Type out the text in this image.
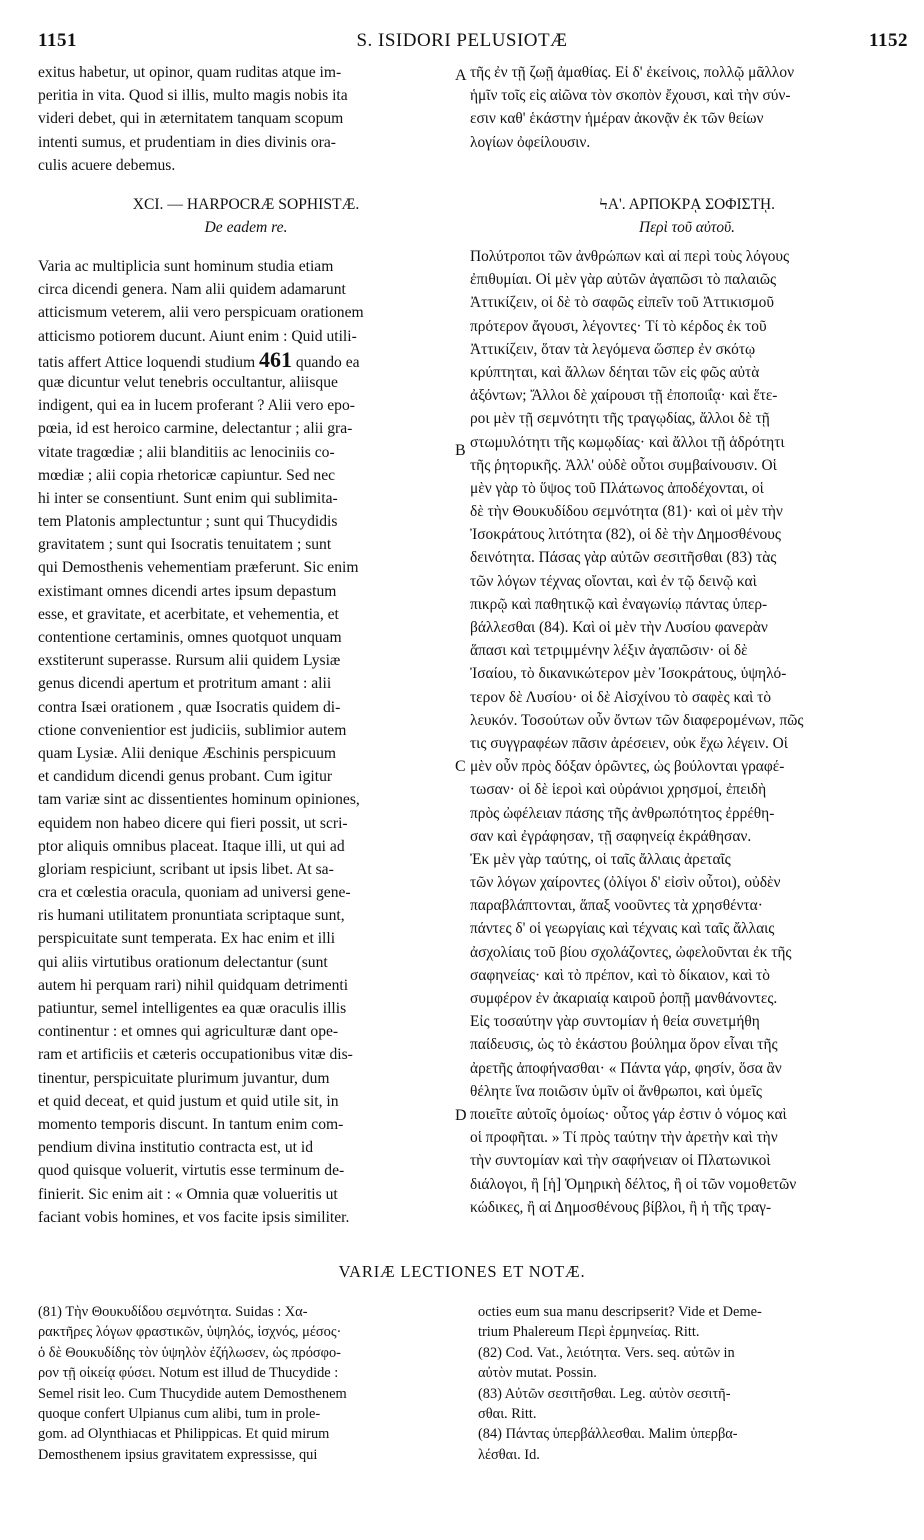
1151	S. ISIDORI PELUSIOTÆ	1152
exitus habetur, ut opinor, quam ruditas atque im-
peritia in vita. Quod si illis, multo magis nobis ita
videri debet, qui in æternitatem tanquam scopum
intenti sumus, et prudentiam in dies divinis ora-
culis acuere debemus.
XCI. — HARPOCRÆ SOPHISTÆ.
De eadem re.
Varia ac multiplicia sunt hominum studia etiam
circa dicendi genera. Nam alii quidem adamarunt
atticismum veterem, alii vero perspicuam orationem
atticismo potiorem ducunt. Aiunt enim : Quid utili-
tatis affert Attice loquendi studium 461 quando ea
quæ dicuntur velut tenebris occultantur, aliisque
indigent, qui ea in lucem proferant ? Alii vero epo-
pœia, id est heroico carmine, delectantur ; alii gra-
vitate tragœdiæ ; alii blanditiis ac lenociniis co-
mœdiæ ; alii copia rhetoricæ capiuntur. Sed nec
hi inter se consentiunt. Sunt enim qui sublimita-
tem Platonis amplectuntur ; sunt qui Thucydidis
gravitatem ; sunt qui Isocratis tenuitatem ; sunt
qui Demosthenis vehementiam præferunt. Sic enim
existimant omnes dicendi artes ipsum depastum
esse, et gravitate, et acerbitate, et vehementia, et
contentione certaminis, omnes quotquot unquam
exstiterunt superasse. Rursum alii quidem Lysiæ
genus dicendi apertum et protritum amant : alii
contra Isæi orationem , quæ Isocratis quidem di-
ctione convenientior est judiciis, sublimior autem
quam Lysiæ. Alii denique Æschinis perspicuum
et candidum dicendi genus probant. Cum igitur
tam variæ sint ac dissentientes hominum opiniones,
equidem non habeo dicere qui fieri possit, ut scri-
ptor aliquis omnibus placeat. Itaque illi, ut qui ad
gloriam respiciunt, scribant ut ipsis libet. At sa-
cra et cœlestia oracula, quoniam ad universi gene-
ris humani utilitatem pronuntiata scriptaque sunt,
perspicuitate sunt temperata. Ex hac enim et illi
qui aliis virtutibus orationum delectantur (sunt
autem hi perquam rari) nihil quidquam detrimenti
patiuntur, semel intelligentes ea quæ oraculis illis
continentur : et omnes qui agriculturæ dant ope-
ram et artificiis et cæteris occupationibus vitæ dis-
tinentur, perspicuitate plurimum juvantur, dum
et quid deceat, et quid justum et quid utile sit, in
momento temporis discunt. In tantum enim com-
pendium divina institutio contracta est, ut id
quod quisque voluerit, virtutis esse terminum de-
finierit. Sic enim ait : « Omnia quæ volueritis ut
faciant vobis homines, et vos facite ipsis similiter.
A
B
C
D
τῆς ἐν τῇ ζωῇ ἀμαθίας. Εἰ δ' ἐκείνοις, πολλῷ μᾶλλον
ἡμῖν τοῖς εἰς αἰῶνα τὸν σκοπὸν ἔχουσι, καὶ τὴν σύν-
εσιν καθ' ἑκάστην ἡμέραν ἀκονᾷν ἐκ τῶν θείων
λογίων ὀφείλουσιν.
ϞΑ'. ΑΡΠΟΚΡᾼ ΣΟΦΙΣΤῌ.
Περὶ τοῦ αὐτοῦ.
Πολύτροποι τῶν ἀνθρώπων καὶ αἱ περὶ τοὺς λόγους
ἐπιθυμίαι. Οἱ μὲν γὰρ αὐτῶν ἀγαπῶσι τὸ παλαιῶς
Ἀττικίζειν, οἱ δὲ τὸ σαφῶς εἰπεῖν τοῦ Ἀττικισμοῦ
πρότερον ἄγουσι, λέγοντες· Τί τὸ κέρδος ἐκ τοῦ
Ἀττικίζειν, ὅταν τὰ λεγόμενα ὥσπερ ἐν σκότῳ
κρύπτηται, καὶ ἄλλων δέηται τῶν εἰς φῶς αὐτὰ
ἀξόντων; Ἄλλοι δὲ χαίρουσι τῇ ἐποποιΐᾳ· καὶ ἕτε-
ροι μὲν τῇ σεμνότητι τῆς τραγῳδίας, ἄλλοι δὲ τῇ
στωμυλότητι τῆς κωμῳδίας· καὶ ἄλλοι τῇ ἁδρότητι
τῆς ῥητορικῆς. Ἀλλ' οὐδὲ οὗτοι συμβαίνουσιν. Οἱ
μὲν γὰρ τὸ ὕψος τοῦ Πλάτωνος ἀποδέχονται, οἱ
δὲ τὴν Θουκυδίδου σεμνότητα (81)· καὶ οἱ μὲν τὴν
Ἰσοκράτους λιτότητα (82), οἱ δὲ τὴν Δημοσθένους
δεινότητα. Πάσας γὰρ αὐτῶν σεσιτῆσθαι (83) τὰς
τῶν λόγων τέχνας οἴονται, καὶ ἐν τῷ δεινῷ καὶ
πικρῷ καὶ παθητικῷ καὶ ἐναγωνίῳ πάντας ὑπερ-
βάλλεσθαι (84). Καὶ οἱ μὲν τὴν Λυσίου φανερὰν
ἅπασι καὶ τετριμμένην λέξιν ἀγαπῶσιν· οἱ δὲ
Ἰσαίου, τὸ δικανικώτερον μὲν Ἰσοκράτους, ὑψηλό-
τερον δὲ Λυσίου· οἱ δὲ Αἰσχίνου τὸ σαφὲς καὶ τὸ
λευκόν. Τοσούτων οὖν ὄντων τῶν διαφερομένων, πῶς
τις συγγραφέων πᾶσιν ἀρέσειεν, οὐκ ἔχω λέγειν. Οἱ
μὲν οὖν πρὸς δόξαν ὁρῶντες, ὡς βούλονται γραφέ-
τωσαν· οἱ δὲ ἱεροὶ καὶ οὐράνιοι χρησμοί, ἐπειδὴ
πρὸς ὠφέλειαν πάσης τῆς ἀνθρωπότητος ἐρρέθη-
σαν καὶ ἐγράφησαν, τῇ σαφηνείᾳ ἐκράθησαν.
Ἐκ μὲν γὰρ ταύτης, οἱ ταῖς ἄλλαις ἀρεταῖς
τῶν λόγων χαίροντες (ὀλίγοι δ' εἰσὶν οὗτοι), οὐδὲν
παραβλάπτονται, ἅπαξ νοοῦντες τὰ χρησθέντα·
πάντες δ' οἱ γεωργίαις καὶ τέχναις καὶ ταῖς ἄλλαις
ἀσχολίαις τοῦ βίου σχολάζοντες, ὠφελοῦνται ἐκ τῆς
σαφηνείας· καὶ τὸ πρέπον, καὶ τὸ δίκαιον, καὶ τὸ
συμφέρον ἐν ἀκαριαίᾳ καιροῦ ῥοπῇ μανθάνοντες.
Εἰς τοσαύτην γὰρ συντομίαν ἡ θεία συνετμήθη
παίδευσις, ὡς τὸ ἑκάστου βούλημα ὅρον εἶναι τῆς
ἀρετῆς ἀποφήνασθαι· « Πάντα γάρ, φησίν, ὅσα ἂν
θέλητε ἵνα ποιῶσιν ὑμῖν οἱ ἄνθρωποι, καὶ ὑμεῖς
ποιεῖτε αὐτοῖς ὁμοίως· οὗτος γάρ ἐστιν ὁ νόμος καὶ
οἱ προφῆται. » Τί πρὸς ταύτην τὴν ἀρετὴν καὶ τὴν
τὴν συντομίαν καὶ τὴν σαφήνειαν οἱ Πλατωνικοὶ
διάλογοι, ἢ [ἡ] Ὁμηρικὴ δέλτος, ἢ οἱ τῶν νομοθετῶν
κώδικες, ἢ αἱ Δημοσθένους βίβλοι, ἢ ἡ τῆς τραγ-
VARIÆ LECTIONES ET NOTÆ.
(81) Τὴν Θουκυδίδου σεμνότητα. Suidas : Χα-
ρακτῆρες λόγων φραστικῶν, ὑψηλός, ἰσχνός, μέσος·
ὁ δὲ Θουκυδίδης τὸν ὑψηλὸν ἐζήλωσεν, ὡς πρόσφο-
ρον τῇ οἰκείᾳ φύσει. Notum est illud de Thucydide :
Semel risit leo. Cum Thucydide autem Demosthenem
quoque confert Ulpianus cum alibi, tum in prole-
gom. ad Olynthiacas et Philippicas. Et quid mirum
Demosthenem ipsius gravitatem expressisse, qui
octies eum sua manu descripserit? Vide et Deme-
trium Phalereum Περὶ ἑρμηνείας. Ritt.
(82) Cod. Vat., λειότητα. Vers. seq. αὐτῶν in
αὐτὸν mutat. Possin.
(83) Αὐτῶν σεσιτῆσθαι. Leg. αὐτὸν σεσιτῆ-
σθαι. Ritt.
(84) Πάντας ὑπερβάλλεσθαι. Malim ὑπερβα-
λέσθαι. Id.
